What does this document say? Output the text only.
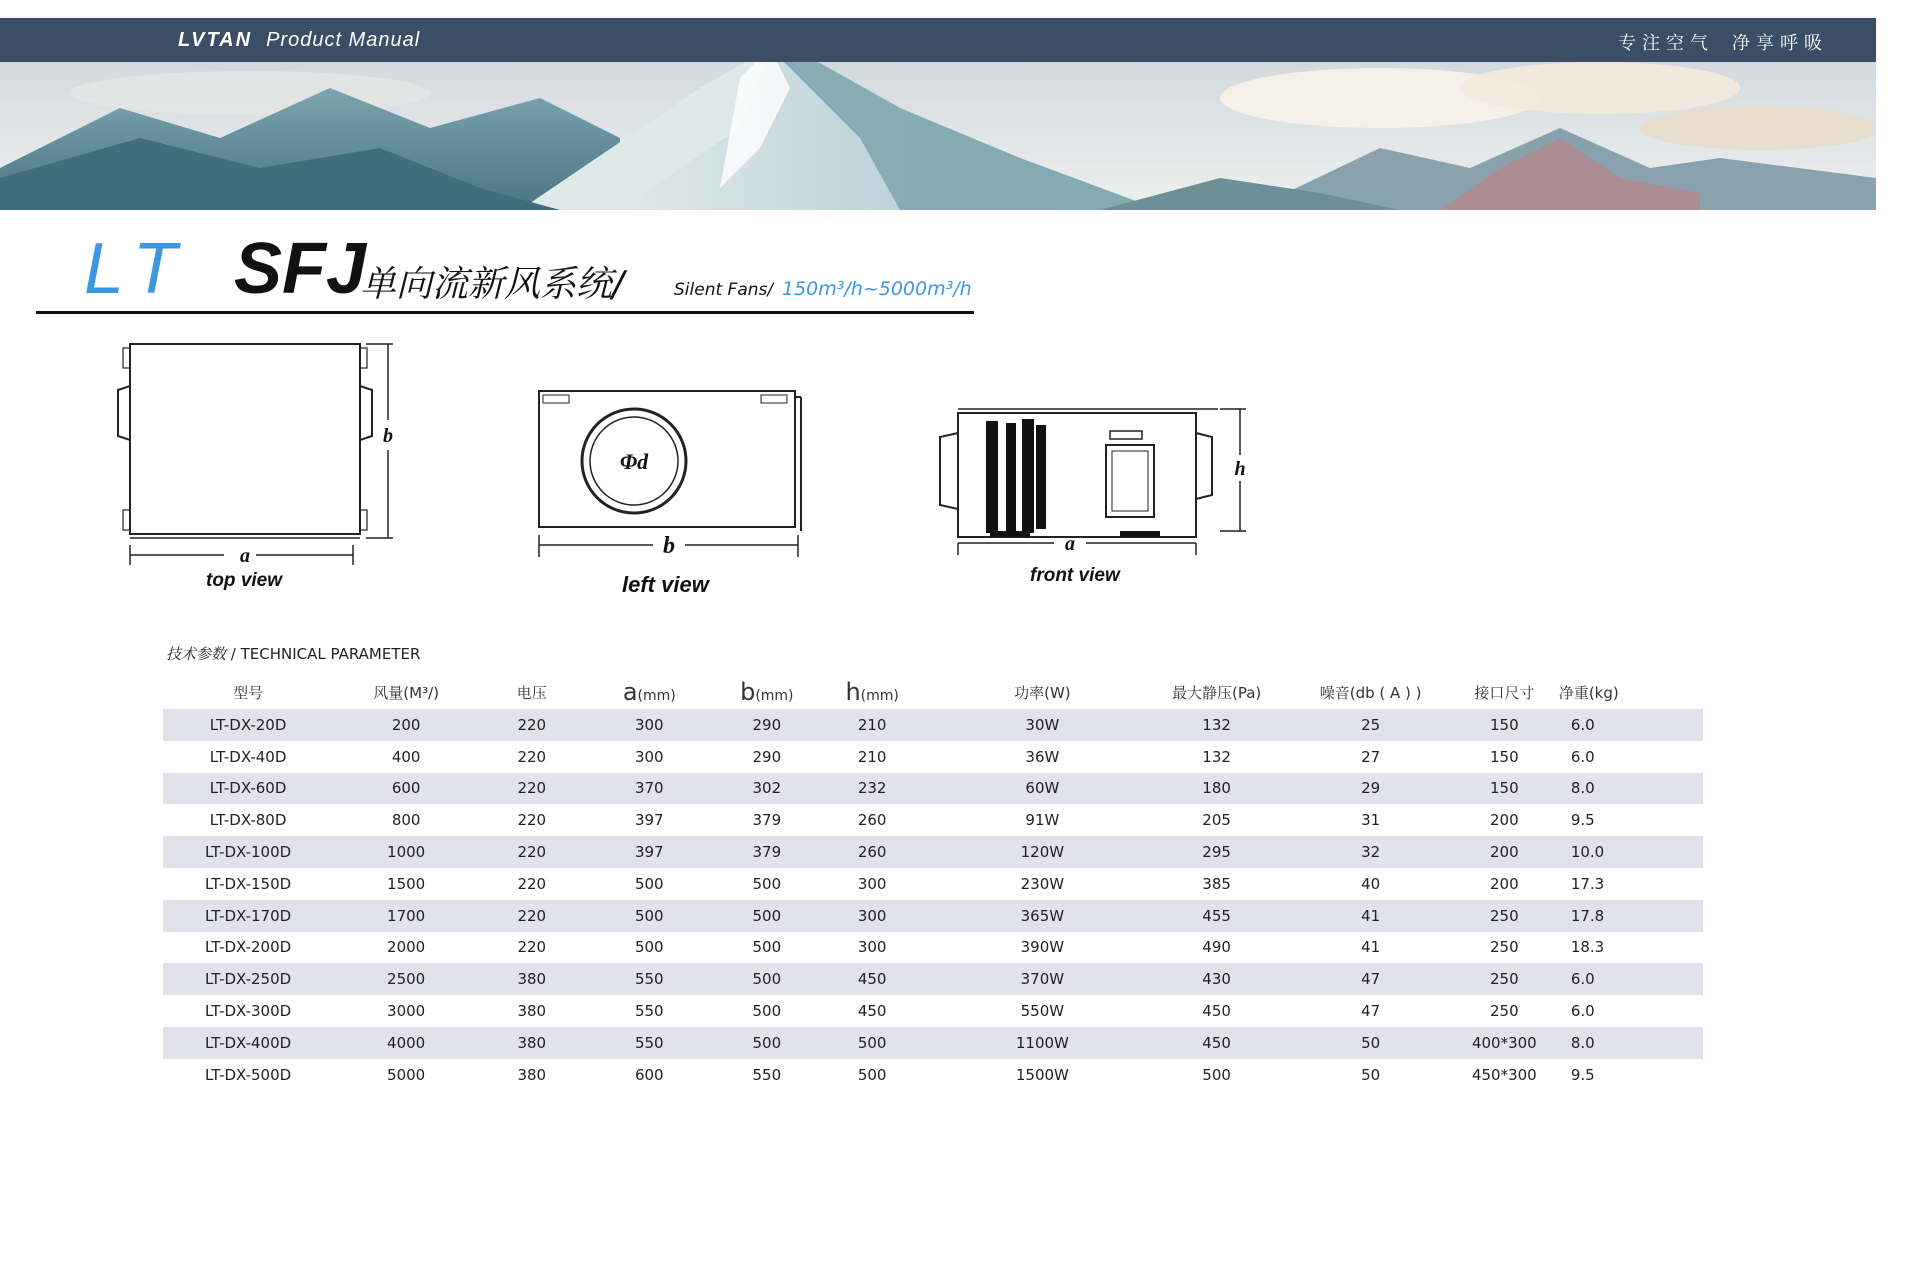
LVTAN Product Manual	专注空气 净享呼吸
LT SFJ
单向流新风系统/	Silent Fans/ 150m³/h~5000m³/h
a
b
top view
Φd
b
left view
h
a
front view
技术参数 / TECHNICAL PARAMETER
型号	风量(M³/)	电压	a(mm)	b(mm)	h(mm)	功率(W)	最大静压(Pa)	噪音(db ( A ) )	接口尺寸	净重(kg)
LT-DX-20D	200	220	300	290	210	30W	132	25	150	6.0
LT-DX-40D	400	220	300	290	210	36W	132	27	150	6.0
LT-DX-60D	600	220	370	302	232	60W	180	29	150	8.0
LT-DX-80D	800	220	397	379	260	91W	205	31	200	9.5
LT-DX-100D	1000	220	397	379	260	120W	295	32	200	10.0
LT-DX-150D	1500	220	500	500	300	230W	385	40	200	17.3
LT-DX-170D	1700	220	500	500	300	365W	455	41	250	17.8
LT-DX-200D	2000	220	500	500	300	390W	490	41	250	18.3
LT-DX-250D	2500	380	550	500	450	370W	430	47	250	6.0
LT-DX-300D	3000	380	550	500	450	550W	450	47	250	6.0
LT-DX-400D	4000	380	550	500	500	1100W	450	50	400*300	8.0
LT-DX-500D	5000	380	600	550	500	1500W	500	50	450*300	9.5
